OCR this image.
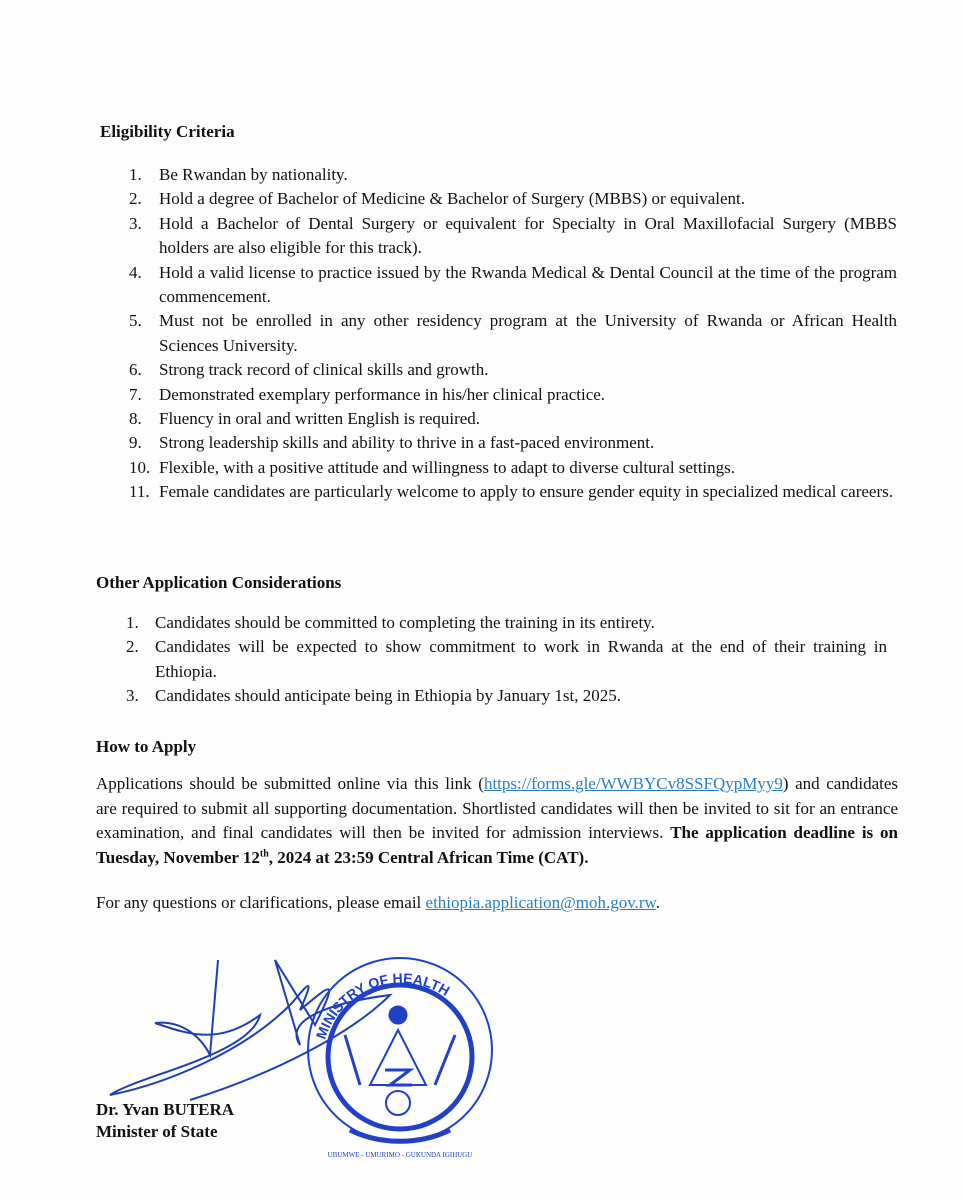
Eligibility Criteria
1. Be Rwandan by nationality.
2. Hold a degree of Bachelor of Medicine & Bachelor of Surgery (MBBS) or equivalent.
3. Hold a Bachelor of Dental Surgery or equivalent for Specialty in Oral Maxillofacial Surgery (MBBS holders are also eligible for this track).
4. Hold a valid license to practice issued by the Rwanda Medical & Dental Council at the time of the program commencement.
5. Must not be enrolled in any other residency program at the University of Rwanda or African Health Sciences University.
6. Strong track record of clinical skills and growth.
7. Demonstrated exemplary performance in his/her clinical practice.
8. Fluency in oral and written English is required.
9. Strong leadership skills and ability to thrive in a fast-paced environment.
10. Flexible, with a positive attitude and willingness to adapt to diverse cultural settings.
11. Female candidates are particularly welcome to apply to ensure gender equity in specialized medical careers.
Other Application Considerations
1. Candidates should be committed to completing the training in its entirety.
2. Candidates will be expected to show commitment to work in Rwanda at the end of their training in Ethiopia.
3. Candidates should anticipate being in Ethiopia by January 1st, 2025.
How to Apply

Applications should be submitted online via this link (https://forms.gle/WWBYCv8SSFQypMyy9) and candidates are required to submit all supporting documentation. Shortlisted candidates will then be invited to sit for an entrance examination, and final candidates will then be invited for admission interviews. The application deadline is on Tuesday, November 12th, 2024 at 23:59 Central African Time (CAT).

For any questions or clarifications, please email ethiopia.application@moh.gov.rw.

MINISTRY OF HEALTH
UBUMWE - UMURIMO - GUKUNDA IGIHUGU
Dr. Yvan BUTERA
Minister of State
